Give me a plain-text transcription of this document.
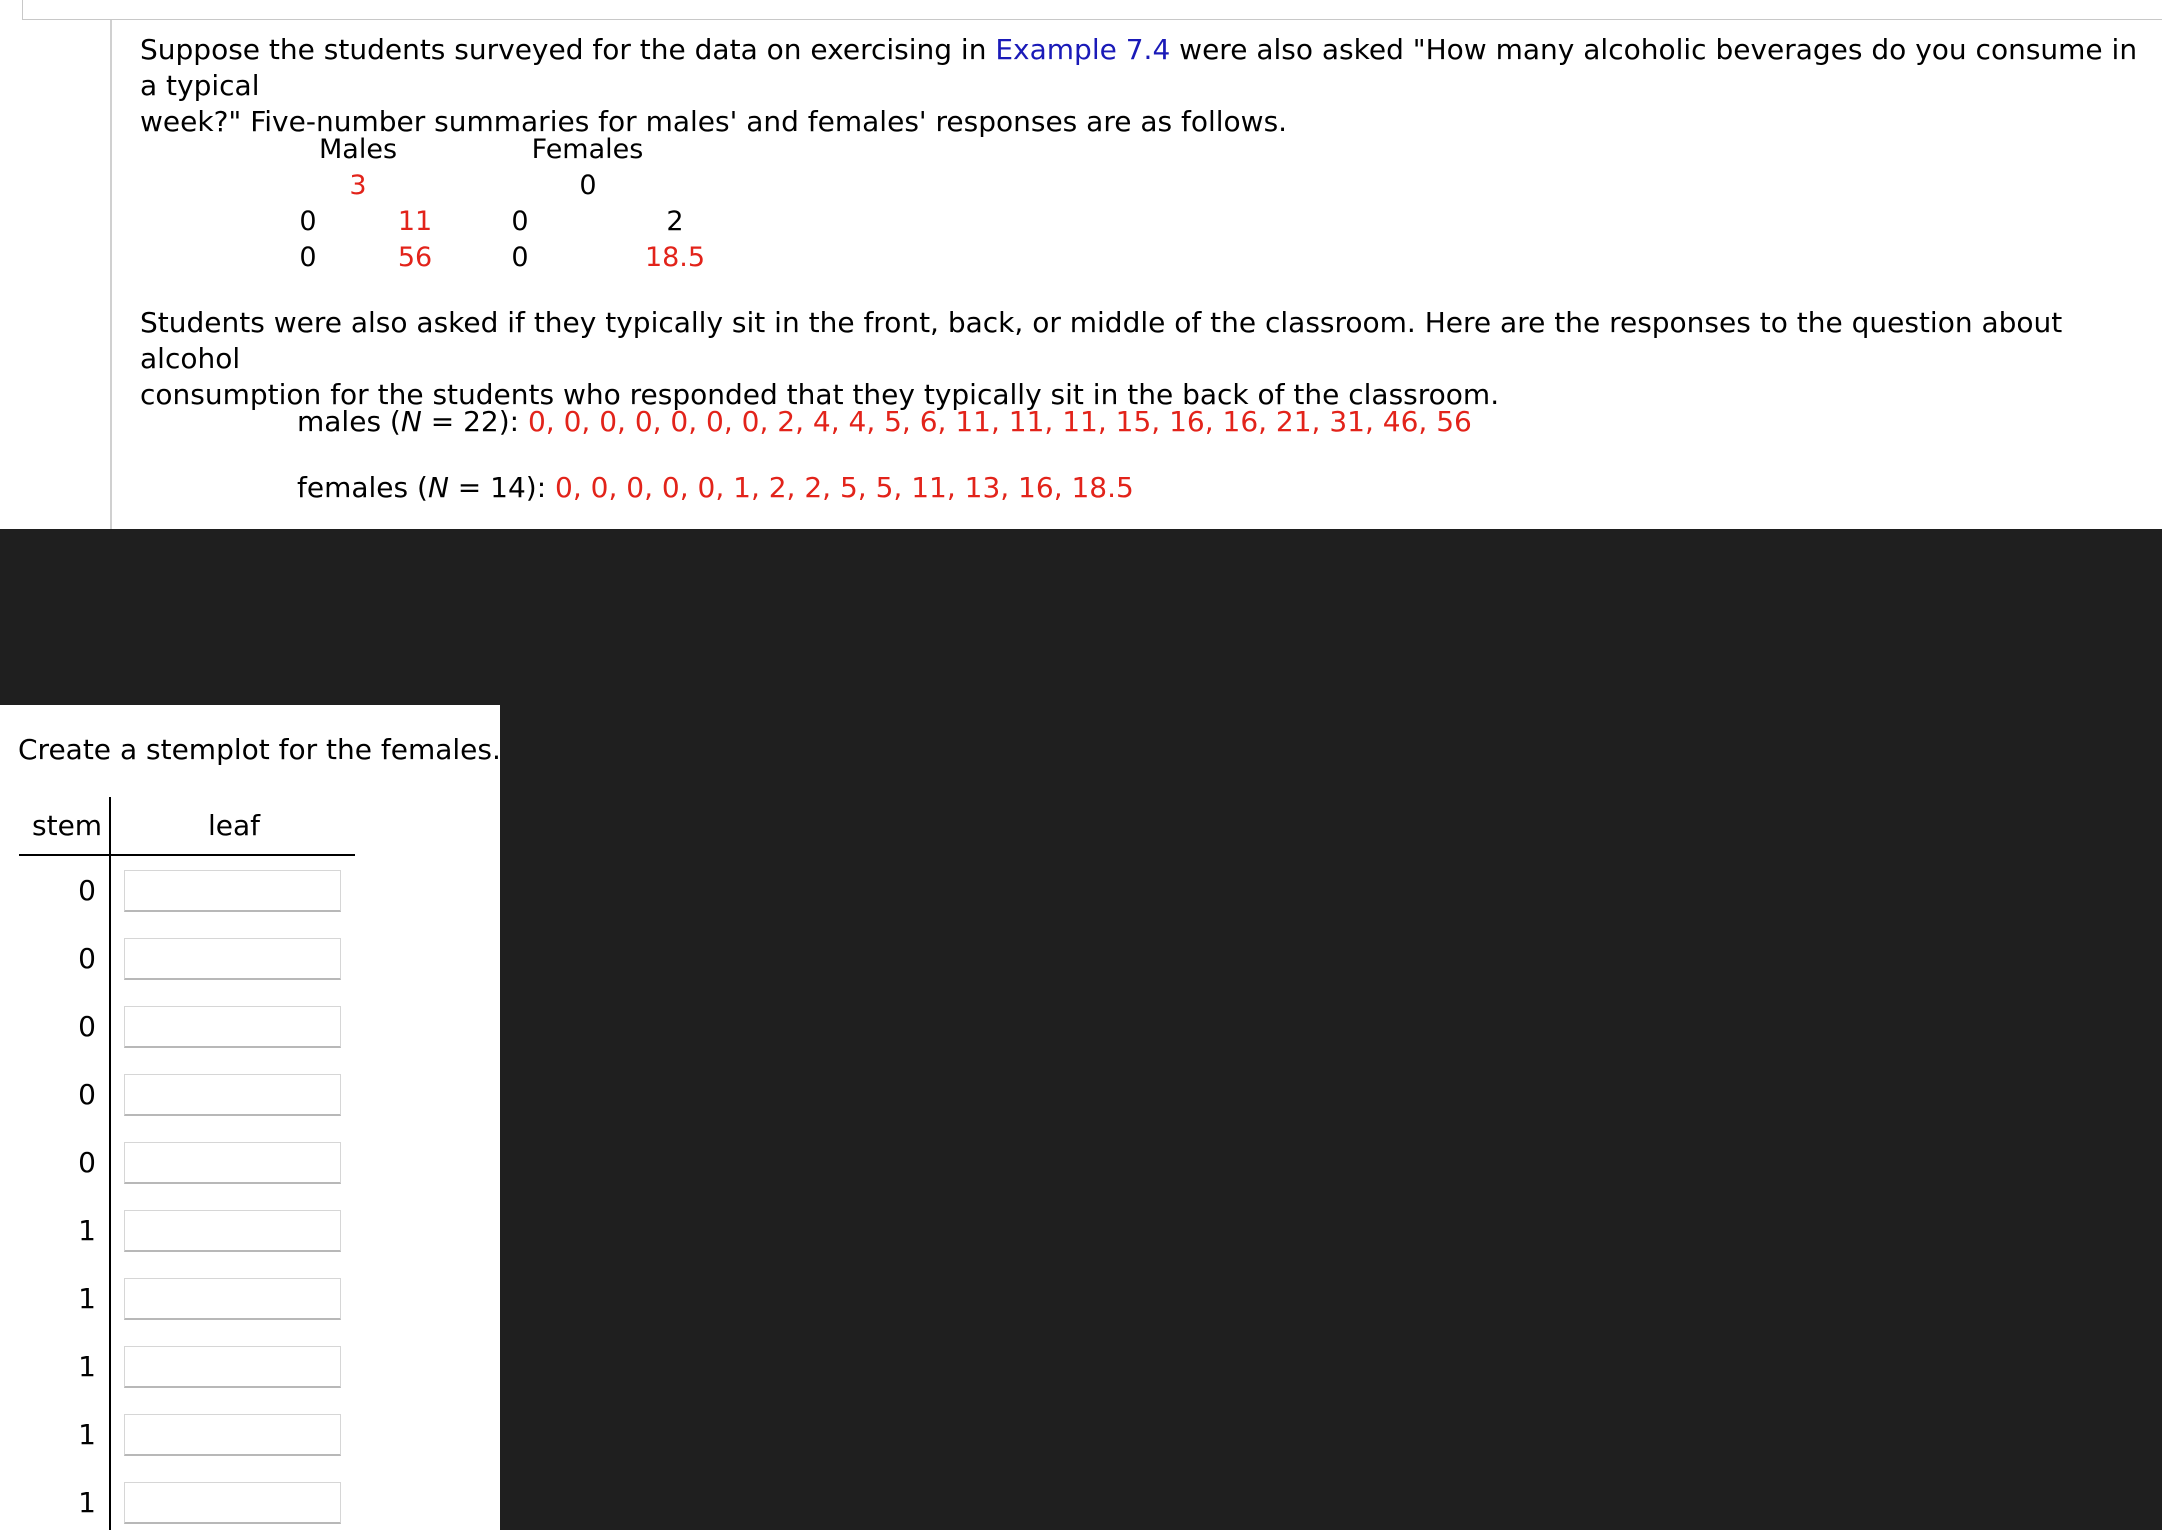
Suppose the students surveyed for the data on exercising in Example 7.4 were also asked "How many alcoholic beverages do you consume in a typical
week?" Five-number summaries for males' and females' responses are as follows.

Males	Females
3	0
0	11	0	2
0	56	0	18.5

Students were also asked if they typically sit in the front, back, or middle of the classroom. Here are the responses to the question about alcohol
consumption for the students who responded that they typically sit in the back of the classroom.

males (N = 22): 0, 0, 0, 0, 0, 0, 0, 2, 4, 4, 5, 6, 11, 11, 11, 15, 16, 16, 21, 31, 46, 56
females (N = 14): 0, 0, 0, 0, 0, 1, 2, 2, 5, 5, 11, 13, 16, 18.5
Create a stemplot for the females.
stem	leaf
0
0
0
0
0
1
1
1
1
1
